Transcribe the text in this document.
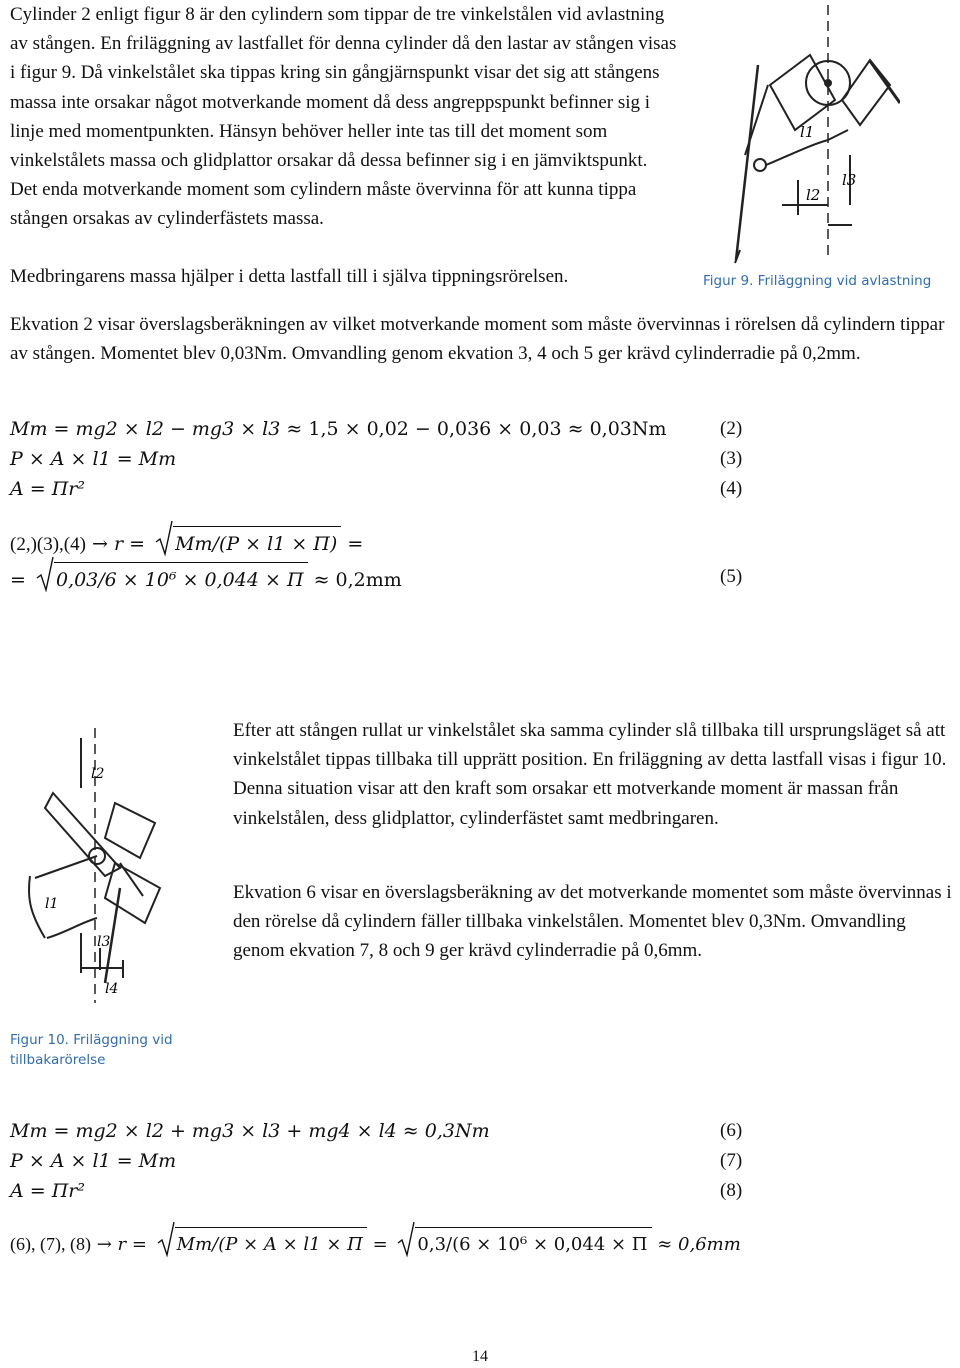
Cylinder 2 enligt figur 8 är den cylindern som tippar de tre vinkelstålen vid avlastning av stången. En friläggning av lastfallet för denna cylinder då den lastar av stången visas i figur 9. Då vinkelstålet ska tippas kring sin gångjärnspunkt visar det sig att stångens massa inte orsakar något motverkande moment då dess angreppspunkt befinner sig i linje med momentpunkten. Hänsyn behöver heller inte tas till det moment som vinkelstålets massa och glidplattor orsakar då dessa befinner sig i en jämviktspunkt. Det enda motverkande moment som cylindern måste övervinna för att kunna tippa stången orsakas av cylinderfästets massa.
Medbringarens massa hjälper i detta lastfall till i själva tippningsrörelsen.
l1
l2
l3
Figur 9. Friläggning vid avlastning
Ekvation 2 visar överslagsberäkningen av vilket motverkande moment som måste övervinnas i rörelsen då cylindern tippar av stången. Momentet blev 0,03Nm. Omvandling genom ekvation 3, 4 och 5 ger krävd cylinderradie på 0,2mm.
Mm = mg2 × l2 − mg3 × l3 ≈ 1,5 × 0,02 − 0,036 × 0,03 ≈ 0,03Nm	(2)
P × A × l1 = Mm	(3)
A = Πr²	(4)
(2,)(3),(4) → r = Mm/(P × l1 × Π) =
= 0,03/6 × 10⁶ × 0,044 × Π ≈ 0,2mm	(5)
l2
l1
l3
l4
Figur 10. Friläggning vid
tillbakarörelse
Efter att stången rullat ur vinkelstålet ska samma cylinder slå tillbaka till ursprungsläget så att vinkelstålet tippas tillbaka till upprätt position. En friläggning av detta lastfall visas i figur 10. Denna situation visar att den kraft som orsakar ett motverkande moment är massan från vinkelstålen, dess glidplattor, cylinderfästet samt medbringaren.
Ekvation 6 visar en överslagsberäkning av det motverkande momentet som måste övervinnas i den rörelse då cylindern fäller tillbaka vinkelstålen. Momentet blev 0,3Nm. Omvandling genom ekvation 7, 8 och 9 ger krävd cylinderradie på 0,6mm.
Mm = mg2 × l2 + mg3 × l3 + mg4 × l4 ≈ 0,3Nm	(6)
P × A × l1 = Mm	(7)
A = Πr²	(8)
(6), (7), (8) → r = Mm/(P × A × l1 × Π = 0,3/(6 × 10⁶ × 0,044 × Π ≈ 0,6mm
14
